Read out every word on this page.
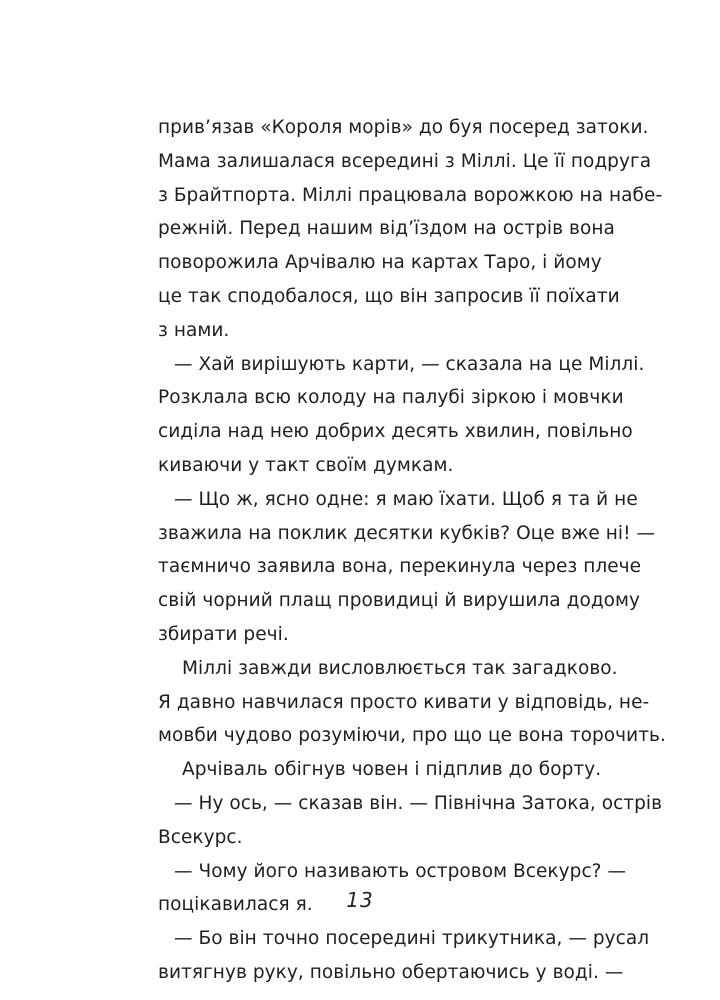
прив’язав «Короля морів» до буя посеред затоки.
Мама залишалася всередині з Міллі. Це її подруга
з Брайтпорта. Міллі працювала ворожкою на набе-
режній. Перед нашим від’їздом на острів вона
поворожила Арчівалю на картах Таро, і йому
це так сподобалося, що він запросив її поїхати
з нами.

— Хай вирішують карти, — сказала на це Міллі.
Розклала всю колоду на палубі зіркою і мовчки
сиділа над нею добрих десять хвилин, повільно
киваючи у такт своїм думкам.

— Що ж, ясно одне: я маю їхати. Щоб я та й не
зважила на поклик десятки кубків? Оце вже ні! —
таємничо заявила вона, перекинула через плече
свій чорний плащ провидиці й вирушила додому
збирати речі.

Міллі завжди висловлюється так загадково.
Я давно навчилася просто кивати у відповідь, не-
мовби чудово розуміючи, про що це вона торочить.

Арчіваль обігнув човен і підплив до борту.

— Ну ось, — сказав він. — Північна Затока, острів
Всекурс.

— Чому його називають островом Всекурс? —
поцікавилася я.

— Бо він точно посередині трикутника, — русал
витягнув руку, повільно обертаючись у воді. —

13
